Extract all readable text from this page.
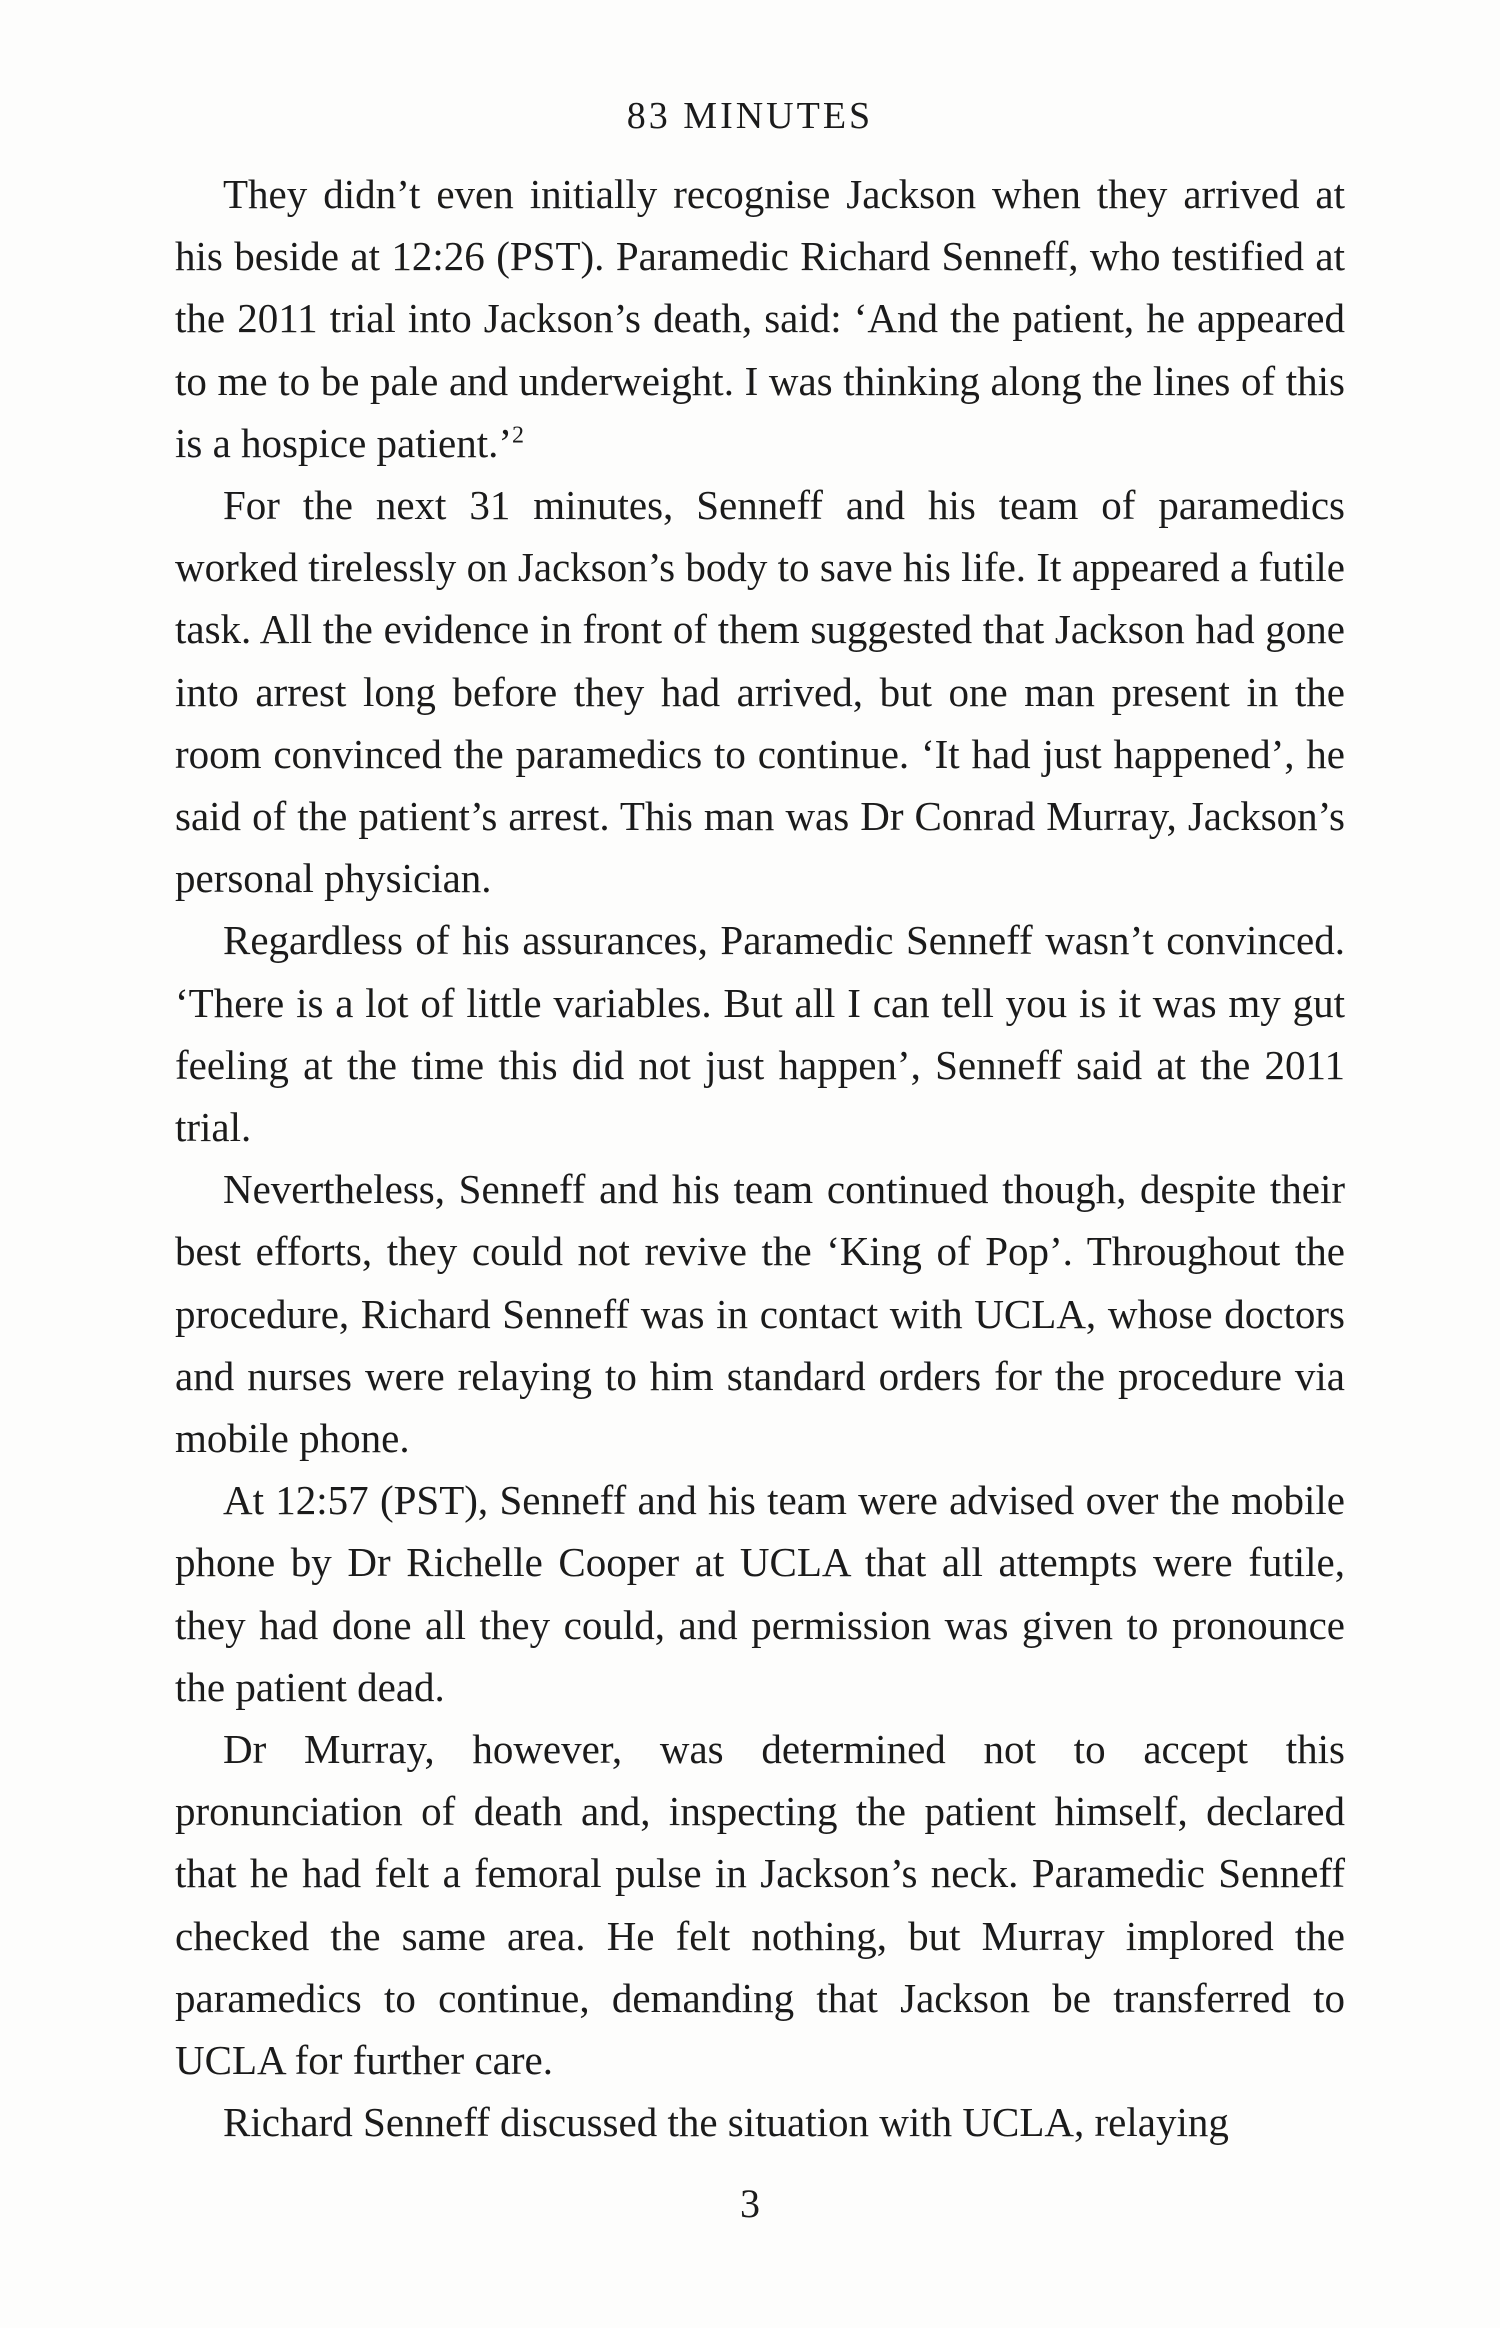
83 MINUTES

They didn’t even initially recognise Jackson when they arrived at his beside at 12:26 (PST). Paramedic Richard Senneff, who testified at the 2011 trial into Jackson’s death, said: ‘And the patient, he appeared to me to be pale and underweight. I was thinking along the lines of this is a hospice patient.’$^2$

For the next 31 minutes, Senneff and his team of paramedics worked tirelessly on Jackson’s body to save his life. It appeared a futile task. All the evidence in front of them suggested that Jackson had gone into arrest long before they had arrived, but one man present in the room convinced the paramedics to continue. ‘It had just happened’, he said of the patient’s arrest. This man was Dr Conrad Murray, Jackson’s personal physician.

Regardless of his assurances, Paramedic Senneff wasn’t convinced. ‘There is a lot of little variables. But all I can tell you is it was my gut feeling at the time this did not just happen’, Senneff said at the 2011 trial.

Nevertheless, Senneff and his team continued though, despite their best efforts, they could not revive the ‘King of Pop’. Throughout the procedure, Richard Senneff was in contact with UCLA, whose doctors and nurses were relaying to him standard orders for the procedure via mobile phone.

At 12:57 (PST), Senneff and his team were advised over the mobile phone by Dr Richelle Cooper at UCLA that all attempts were futile, they had done all they could, and permission was given to pronounce the patient dead.

Dr Murray, however, was determined not to accept this pronunciation of death and, inspecting the patient himself, declared that he had felt a femoral pulse in Jackson’s neck. Paramedic Senneff checked the same area. He felt nothing, but Murray implored the paramedics to continue, demanding that Jackson be transferred to UCLA for further care.

Richard Senneff discussed the situation with UCLA, relaying

3
